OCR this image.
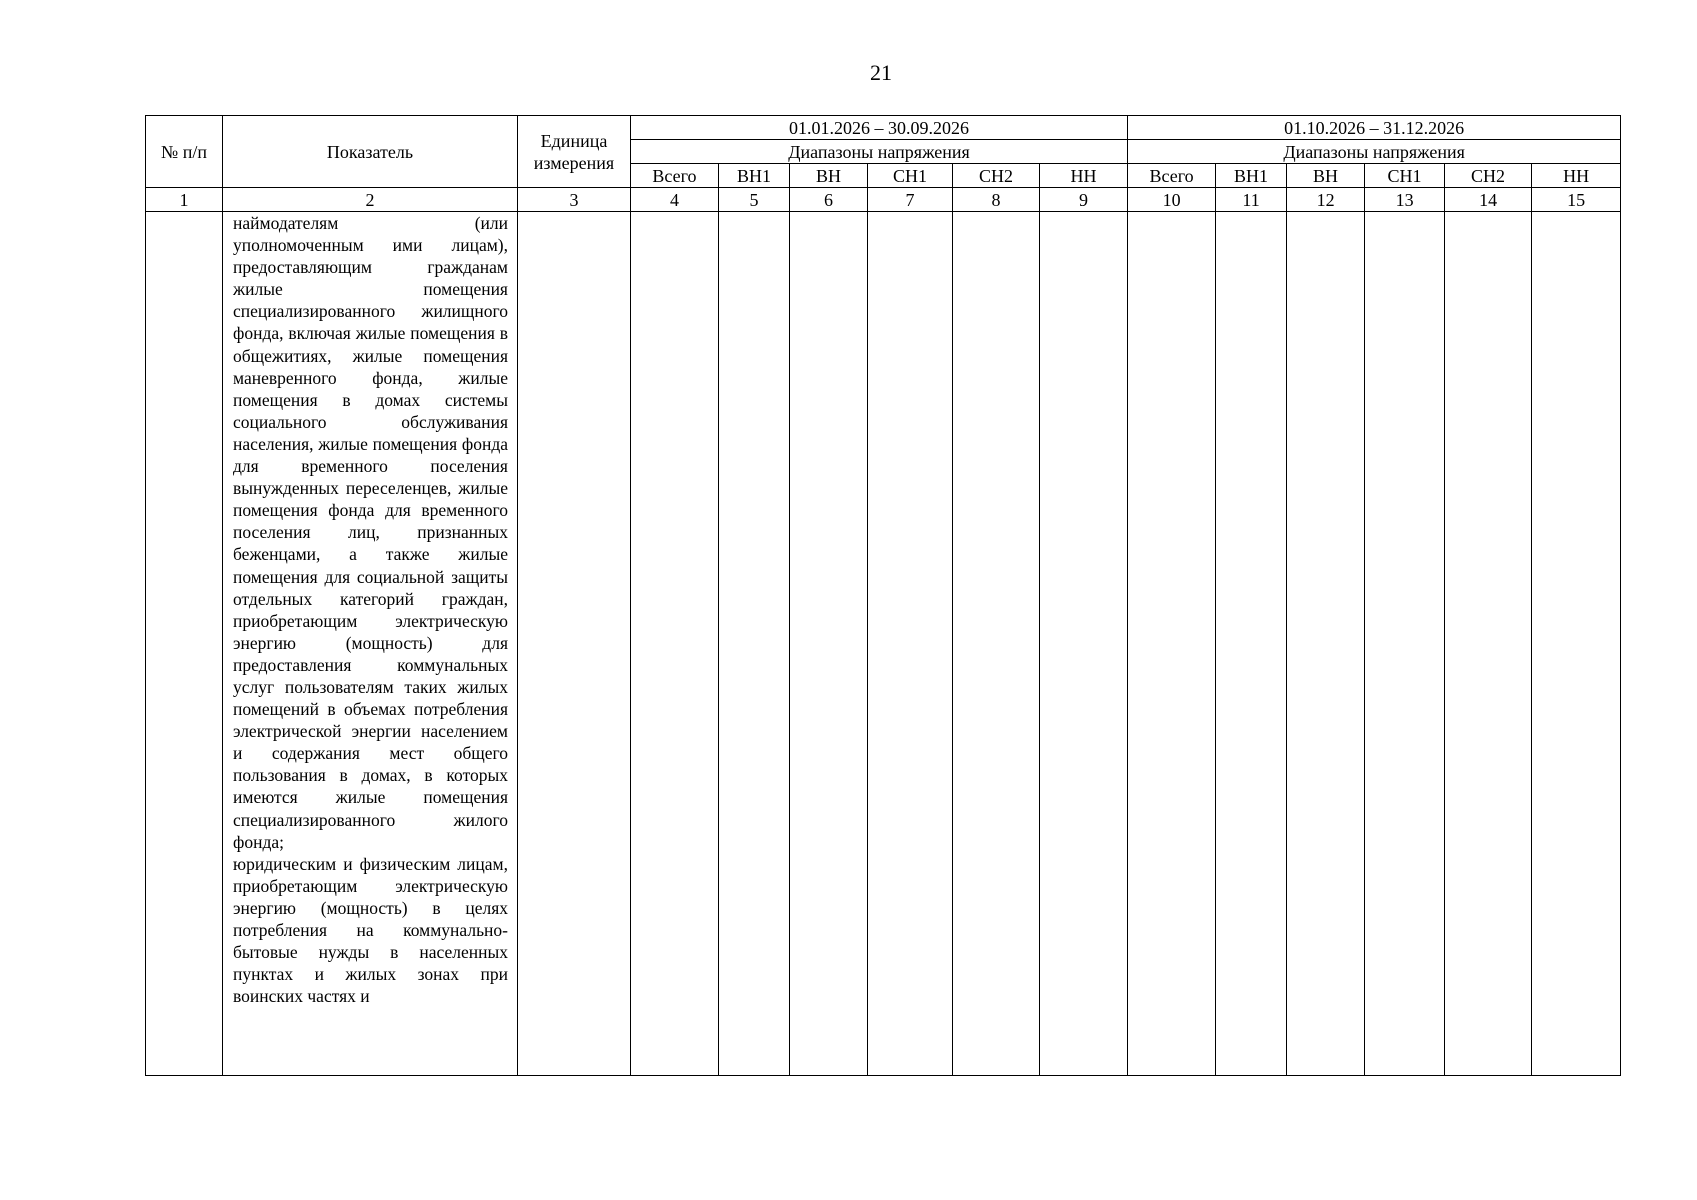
21
№ п/п	Показатель	Единица измерения	01.01.2026 – 30.09.2026						01.10.2026 – 31.12.2026					
			Диапазоны напряжения						Диапазоны напряжения					
			Всего	ВН1	ВН	СН1	СН2	НН	Всего	ВН1	ВН	СН1	СН2	НН
1	2	3	4	5	6	7	8	9	10	11	12	13	14	15

	наймодателям (или уполномоченным ими лицам), предоставляющим гражданам жилые помещения специализированного жилищного фонда, включая жилые помещения в общежитиях, жилые помещения маневренного фонда, жилые помещения в домах системы социального обслуживания населения, жилые помещения фонда для временного поселения вынужденных переселенцев, жилые помещения фонда для временного поселения лиц, признанных беженцами, а также жилые помещения для социальной защиты отдельных категорий граждан, приобретающим электрическую энергию (мощность) для предоставления коммунальных услуг пользователям таких жилых помещений в объемах потребления электрической энергии населением и содержания мест общего пользования в домах, в которых имеются жилые помещения специализированного жилого фонда;
юридическим и физическим лицам, приобретающим электрическую энергию (мощность) в целях потребления на коммунально-бытовые нужды в населенных пунктах и жилых зонах при воинских частях и													
